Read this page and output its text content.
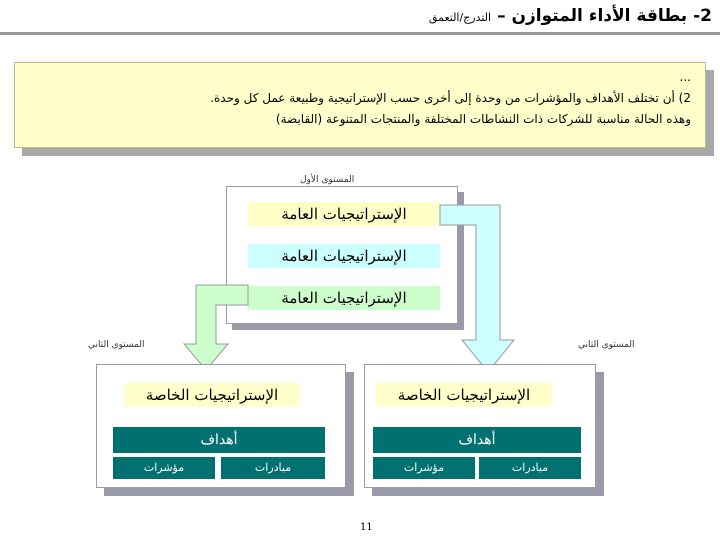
2- بطاقة الأداء المتوازن –
التدرج/التعمق
...
2) أن تختلف الأهداف والمؤشرات من وحدة إلى أخرى حسب الإستراتيجية وطبيعة عمل كل وحدة.
وهذه الحالة مناسبة للشركات ذات النشاطات المختلفة والمنتجات المتنوعة (القابضة)
المستوى الأول
المستوى الثاني	المستوى الثاني
الإستراتيجيات العامة
الإستراتيجيات العامة
الإستراتيجيات العامة
الإستراتيجيات الخاصة
أهداف
مؤشرات	مبادرات
الإستراتيجيات الخاصة
أهداف
مؤشرات	مبادرات
11
